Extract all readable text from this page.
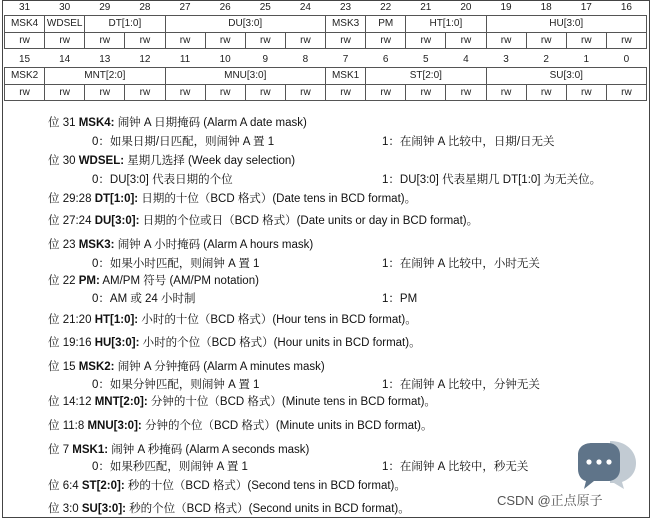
31	30	29	28	27	26	25	24	23	22	21	20	19	18	17	16
MSK4	WDSEL	DT[1:0]		DU[3:0]				MSK3	PM	HT[1:0]		HU[3:0]			
rw	rw	rw	rw	rw	rw	rw	rw	rw	rw	rw	rw	rw	rw	rw	rw
15	14	13	12	11	10	9	8	7	6	5	4	3	2	1	0
MSK2	MNT[2:0]			MNU[3:0]				MSK1	ST[2:0]			SU[3:0]			
rw	rw	rw	rw	rw	rw	rw	rw	rw	rw	rw	rw	rw	rw	rw	rw
位 31 MSK4: 闹钟 A 日期掩码 (Alarm A date mask)
0：如果日期/日匹配，则闹钟 A 置 1	1：在闹钟 A 比较中，日期/日无关
位 30 WDSEL: 星期几选择 (Week day selection)
0：DU[3:0] 代表日期的个位	1：DU[3:0] 代表星期几 DT[1:0] 为无关位。
位 29:28 DT[1:0]: 日期的十位（BCD 格式）(Date tens in BCD format)。
位 27:24 DU[3:0]: 日期的个位或日（BCD 格式）(Date units or day in BCD format)。
位 23 MSK3: 闹钟 A 小时掩码 (Alarm A hours mask)
0：如果小时匹配，则闹钟 A 置 1	1：在闹钟 A 比较中，小时无关
位 22 PM: AM/PM 符号 (AM/PM notation)
0：AM 或 24 小时制	1：PM
位 21:20 HT[1:0]: 小时的十位（BCD 格式）(Hour tens in BCD format)。
位 19:16 HU[3:0]: 小时的个位（BCD 格式）(Hour units in BCD format)。
位 15 MSK2: 闹钟 A 分钟掩码 (Alarm A minutes mask)
0：如果分钟匹配，则闹钟 A 置 1	1：在闹钟 A 比较中，分钟无关
位 14:12 MNT[2:0]: 分钟的十位（BCD 格式）(Minute tens in BCD format)。
位 11:8 MNU[3:0]: 分钟的个位（BCD 格式）(Minute units in BCD format)。
位 7 MSK1: 闹钟 A 秒掩码 (Alarm A seconds mask)
0：如果秒匹配，则闹钟 A 置 1	1：在闹钟 A 比较中，秒无关
位 6:4 ST[2:0]: 秒的十位（BCD 格式）(Second tens in BCD format)。
位 3:0 SU[3:0]: 秒的个位（BCD 格式）(Second units in BCD format)。
CSDN @正点原子
